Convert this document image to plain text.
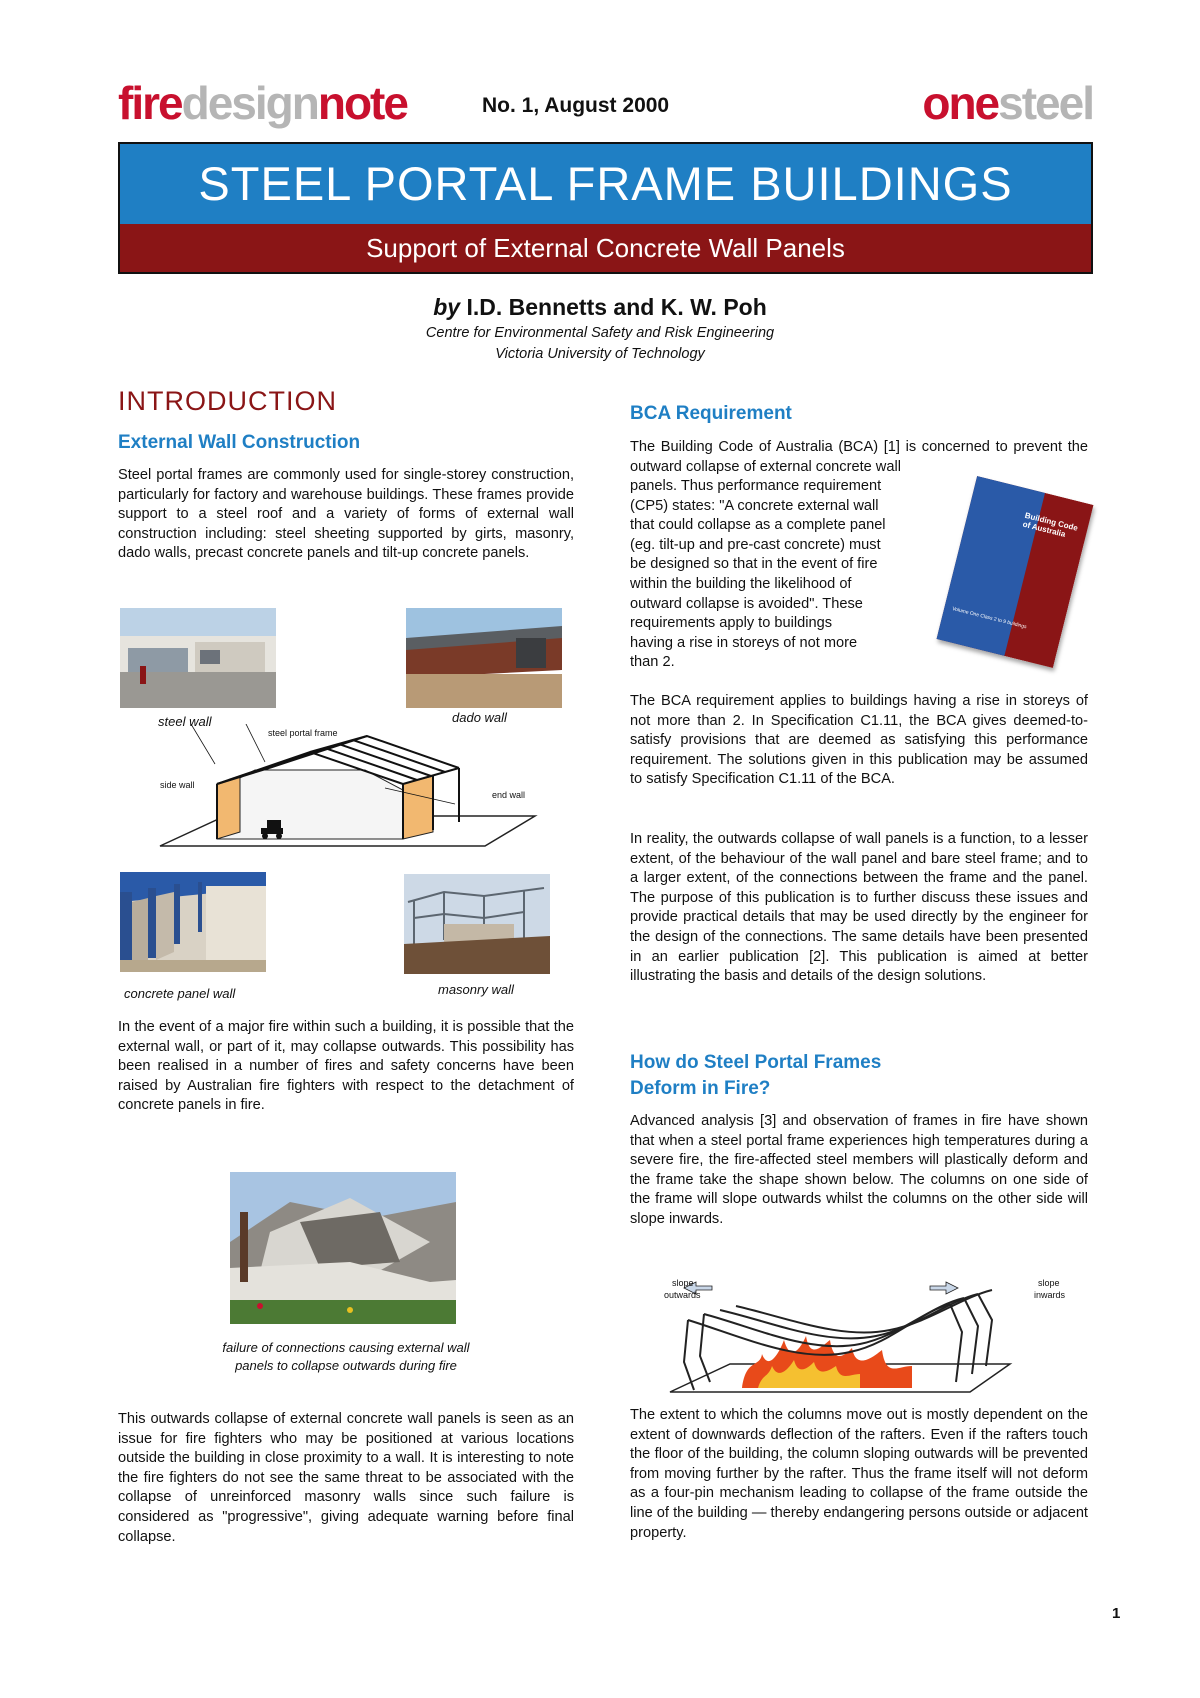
firedesignnote	No. 1, August 2000	onesteel
STEEL PORTAL FRAME BUILDINGS
Support of External Concrete Wall Panels
by I.D. Bennetts and K. W. Poh
Centre for Environmental Safety and Risk Engineering
Victoria University of Technology
INTRODUCTION
External Wall Construction
Steel portal frames are commonly used for single-storey construction, particularly for factory and warehouse buildings. These frames provide support to a steel roof and a variety of forms of external wall construction including: steel sheeting supported by girts, masonry, dado walls, precast concrete panels and tilt-up concrete panels.
steel wall	dado wall
steel portal frame
side wall
end wall
concrete panel wall	masonry wall
In the event of a major fire within such a building, it is possible that the external wall, or part of it, may collapse outwards. This possibility has been realised in a number of fires and safety concerns have been raised by Australian fire fighters with respect to the detachment of concrete panels in fire.
failure of connections causing external wall
panels to collapse outwards during fire
This outwards collapse of external concrete wall panels is seen as an issue for fire fighters who may be positioned at various locations outside the building in close proximity to a wall. It is interesting to note the fire fighters do not see the same threat to be associated with the collapse of unreinforced masonry walls since such failure is considered as "progressive", giving adequate warning before final collapse.
BCA Requirement
The Building Code of Australia (BCA) [1] is concerned to prevent the outward collapse of external concrete wall
panels. Thus performance requirement
(CP5) states: "A concrete external wall
that could collapse as a complete panel
(eg. tilt-up and pre-cast concrete) must
be designed so that in the event of fire
within the building the likelihood of
outward collapse is avoided". These
requirements apply to buildings
having a rise in storeys of not more
than 2.
Building Code of Australia
Volume One Class 2 to 9 buildings
The BCA requirement applies to buildings having a rise in storeys of not more than 2. In Specification C1.11, the BCA gives deemed-to-satisfy provisions that are deemed as satisfying this performance requirement. The solutions given in this publication may be assumed to satisfy Specification C1.11 of the BCA.
In reality, the outwards collapse of wall panels is a function, to a lesser extent, of the behaviour of the wall panel and bare steel frame; and to a larger extent, of the connections between the frame and the panel. The purpose of this publication is to further discuss these issues and provide practical details that may be used directly by the engineer for the design of the connections. The same details have been presented in an earlier publication [2]. This publication is aimed at better illustrating the basis and details of the design solutions.
How do Steel Portal Frames
Deform in Fire?
Advanced analysis [3] and observation of frames in fire have shown that when a steel portal frame experiences high temperatures during a severe fire, the fire-affected steel members will plastically deform and the frame take the shape shown below. The columns on one side of the frame will slope outwards whilst the columns on the other side will slope inwards.
slope
outwards
slope
inwards
The extent to which the columns move out is mostly dependent on the extent of downwards deflection of the rafters. Even if the rafters touch the floor of the building, the column sloping outwards will be prevented from moving further by the rafter. Thus the frame itself will not deform as a four-pin mechanism leading to collapse of the frame outside the line of the building — thereby endangering persons outside or adjacent property.
1
